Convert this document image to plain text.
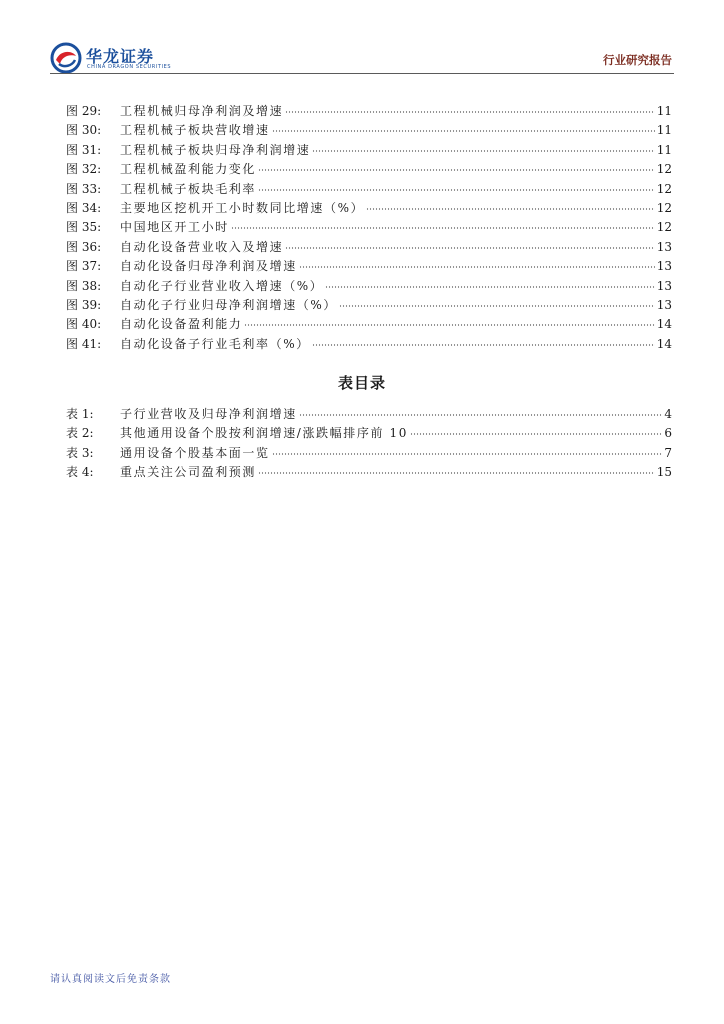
华龙证券
CHINA DRAGON SECURITIES	行业研究报告
图 29:	工程机械归母净利润及增速	11
图 30:	工程机械子板块营收增速	11
图 31:	工程机械子板块归母净利润增速	11
图 32:	工程机械盈利能力变化	12
图 33:	工程机械子板块毛利率	12
图 34:	主要地区挖机开工小时数同比增速（%）	12
图 35:	中国地区开工小时	12
图 36:	自动化设备营业收入及增速	13
图 37:	自动化设备归母净利润及增速	13
图 38:	自动化子行业营业收入增速（%）	13
图 39:	自动化子行业归母净利润增速（%）	13
图 40:	自动化设备盈利能力	14
图 41:	自动化设备子行业毛利率（%）	14
表目录
表 1:	子行业营收及归母净利润增速	4
表 2:	其他通用设备个股按利润增速/涨跌幅排序前 10	6
表 3:	通用设备个股基本面一览	7
表 4:	重点关注公司盈利预测	15
请认真阅读文后免责条款
